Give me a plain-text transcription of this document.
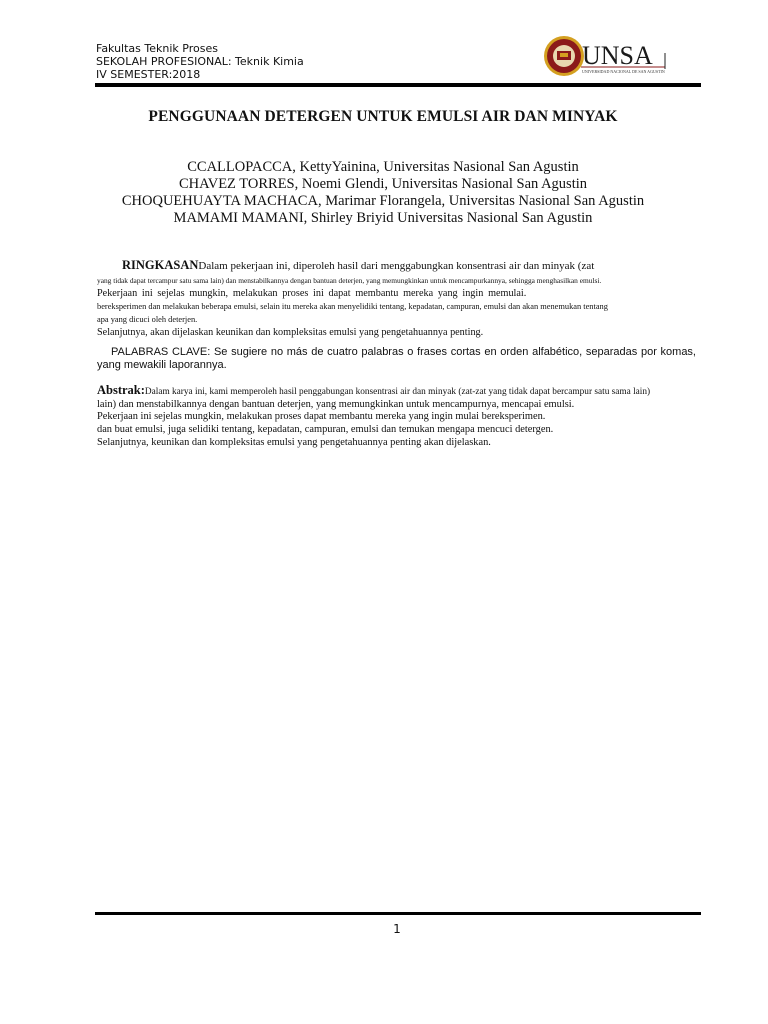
Fakultas Teknik Proses
SEKOLAH PROFESIONAL: Teknik Kimia
IV SEMESTER:2018
UNSA
UNIVERSIDAD NACIONAL DE SAN AGUSTIN
PENGGUNAAN DETERGEN UNTUK EMULSI AIR DAN MINYAK
CCALLOPACCA, KettyYainina, Universitas Nasional San Agustin
CHAVEZ TORRES, Noemi Glendi, Universitas Nasional San Agustin
CHOQUEHUAYTA MACHACA, Marimar Florangela, Universitas Nasional San Agustin
MAMAMI MAMANI, Shirley Briyid Universitas Nasional San Agustin
RINGKASANDalam pekerjaan ini, diperoleh hasil dari menggabungkan konsentrasi air dan minyak (zat
yang tidak dapat tercampur satu sama lain) dan menstabilkannya dengan bantuan deterjen, yang memungkinkan untuk mencampurkannya, sehingga menghasilkan emulsi.
Pekerjaan ini sejelas mungkin, melakukan proses ini dapat membantu mereka yang ingin memulai.
bereksperimen dan melakukan beberapa emulsi, selain itu mereka akan menyelidiki tentang, kepadatan, campuran, emulsi dan akan menemukan tentang
apa yang dicuci oleh deterjen.
Selanjutnya, akan dijelaskan keunikan dan kompleksitas emulsi yang pengetahuannya penting.
PALABRAS CLAVE: Se sugiere no más de cuatro palabras o frases cortas en orden alfabético, separadas por komas, yang mewakili laporannya.
Abstrak:Dalam karya ini, kami memperoleh hasil penggabungan konsentrasi air dan minyak (zat-zat yang tidak dapat bercampur satu sama lain)
lain) dan menstabilkannya dengan bantuan deterjen, yang memungkinkan untuk mencampurnya, mencapai emulsi.
Pekerjaan ini sejelas mungkin, melakukan proses dapat membantu mereka yang ingin mulai bereksperimen.
dan buat emulsi, juga selidiki tentang, kepadatan, campuran, emulsi dan temukan mengapa mencuci detergen.
Selanjutnya, keunikan dan kompleksitas emulsi yang pengetahuannya penting akan dijelaskan.
1
